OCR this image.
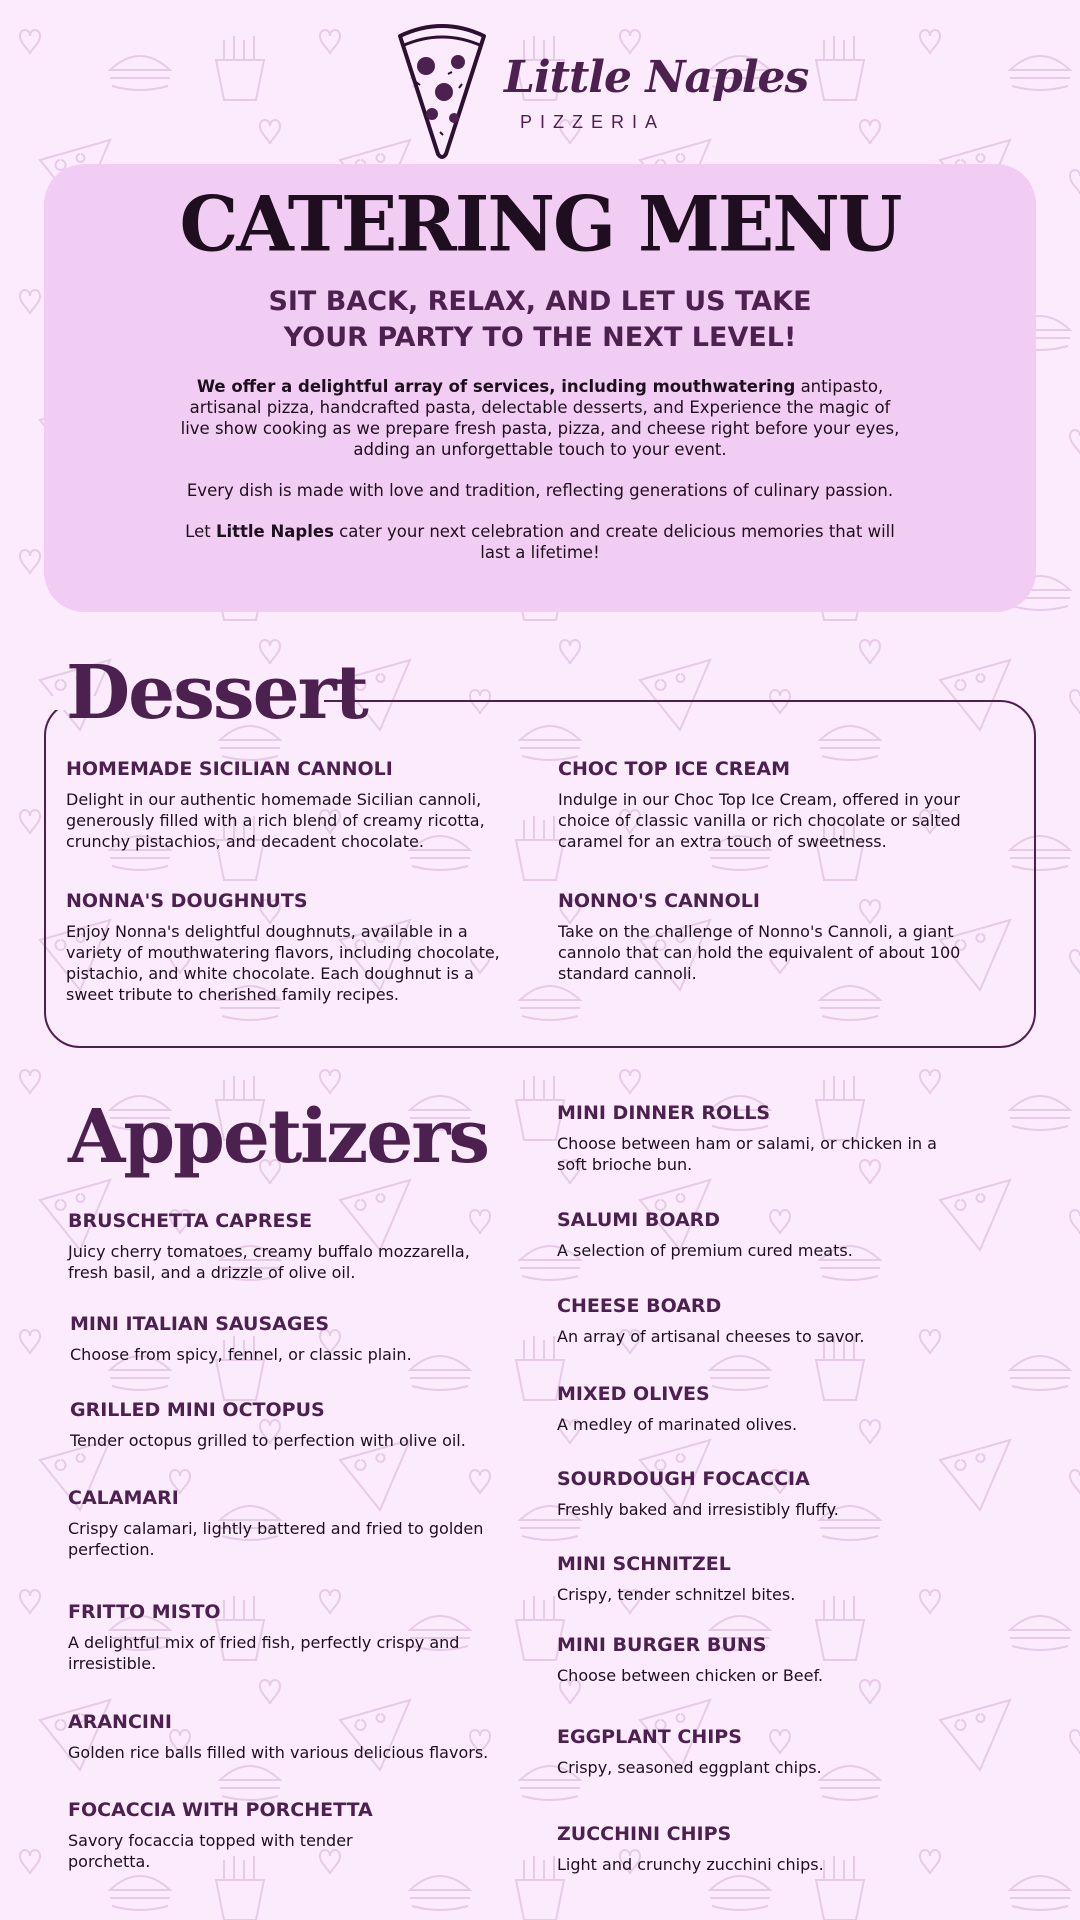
Little Naples
PIZZERIA
CATERING MENU
SIT BACK, RELAX, AND LET US TAKE
YOUR PARTY TO THE NEXT LEVEL!

We offer a delightful array of services, including mouthwatering antipasto, artisanal pizza, handcrafted pasta, delectable desserts, and Experience the magic of live show cooking as we prepare fresh pasta, pizza, and cheese right before your eyes, adding an unforgettable touch to your event.

Every dish is made with love and tradition, reflecting generations of culinary passion.

Let Little Naples cater your next celebration and create delicious memories that will last a lifetime!

Dessert
HOMEMADE SICILIAN CANNOLI
Delight in our authentic homemade Sicilian cannoli, generously filled with a rich blend of creamy ricotta, crunchy pistachios, and decadent chocolate.
CHOC TOP ICE CREAM
Indulge in our Choc Top Ice Cream, offered in your choice of classic vanilla or rich chocolate or salted caramel for an extra touch of sweetness.
NONNA'S DOUGHNUTS
Enjoy Nonna's delightful doughnuts, available in a variety of mouthwatering flavors, including chocolate, pistachio, and white chocolate. Each doughnut is a sweet tribute to cherished family recipes.
NONNO'S CANNOLI
Take on the challenge of Nonno's Cannoli, a giant cannolo that can hold the equivalent of about 100 standard cannoli.
Appetizers
BRUSCHETTA CAPRESE
Juicy cherry tomatoes, creamy buffalo mozzarella, fresh basil, and a drizzle of olive oil.
MINI ITALIAN SAUSAGES
Choose from spicy, fennel, or classic plain.
GRILLED MINI OCTOPUS
Tender octopus grilled to perfection with olive oil.
CALAMARI
Crispy calamari, lightly battered and fried to golden perfection.
FRITTO MISTO
A delightful mix of fried fish, perfectly crispy and irresistible.
ARANCINI
Golden rice balls filled with various delicious flavors.
FOCACCIA WITH PORCHETTA
Savory focaccia topped with tender porchetta.
MINI DINNER ROLLS
Choose between ham or salami, or chicken in a soft brioche bun.
SALUMI BOARD
A selection of premium cured meats.
CHEESE BOARD
An array of artisanal cheeses to savor.
MIXED OLIVES
A medley of marinated olives.
SOURDOUGH FOCACCIA
Freshly baked and irresistibly fluffy.
MINI SCHNITZEL
Crispy, tender schnitzel bites.
MINI BURGER BUNS
Choose between chicken or Beef.
EGGPLANT CHIPS
Crispy, seasoned eggplant chips.
ZUCCHINI CHIPS
Light and crunchy zucchini chips.
